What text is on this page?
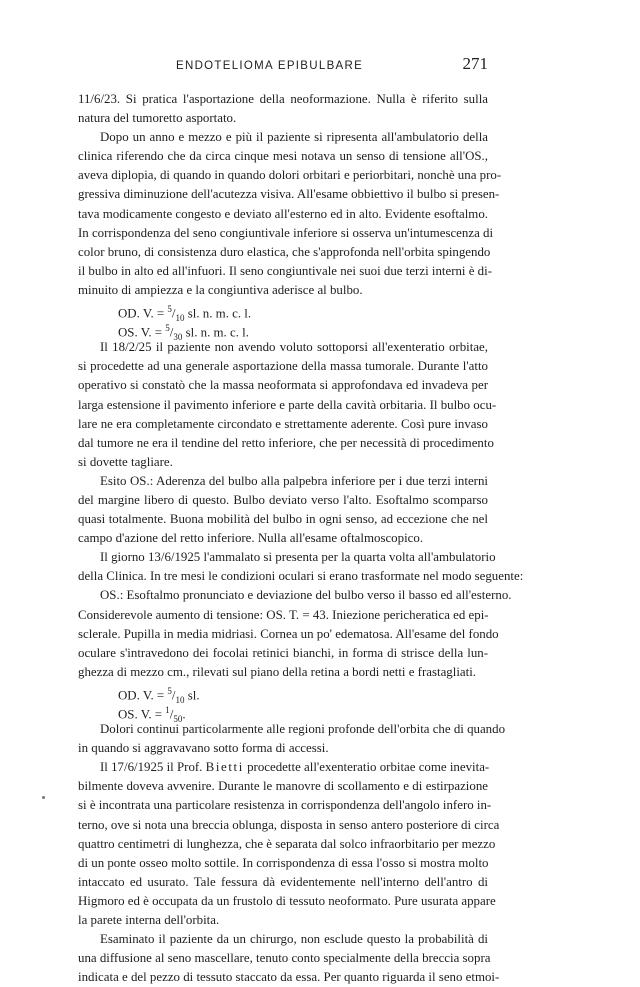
ENDOTELIOMA EPIBULBARE	271
11/6/23. Si pratica l'asportazione della neoformazione. Nulla è riferito sulla
natura del tumoretto asportato.
Dopo un anno e mezzo e più il paziente si ripresenta all'ambulatorio della
clinica riferendo che da circa cinque mesi notava un senso di tensione all'OS.,
aveva diplopia, di quando in quando dolori orbitari e periorbitari, nonchè una pro-
gressiva diminuzione dell'acutezza visiva. All'esame obbiettivo il bulbo si presen-
tava modicamente congesto e deviato all'esterno ed in alto. Evidente esoftalmo.
In corrispondenza del seno congiuntivale inferiore si osserva un'intumescenza di
color bruno, di consistenza duro elastica, che s'approfonda nell'orbita spingendo
il bulbo in alto ed all'infuori. Il seno congiuntivale nei suoi due terzi interni è di-
minuito di ampiezza e la congiuntiva aderisce al bulbo.
OD. V. = $^5/_{10}$ sl. n. m. c. l.
OS. V. = $^5/_{30}$ sl. n. m. c. l.
Il 18/2/25 il paziente non avendo voluto sottoporsi all'exenteratio orbitae,
si procedette ad una generale asportazione della massa tumorale. Durante l'atto
operativo si constatò che la massa neoformata si approfondava ed invadeva per
larga estensione il pavimento inferiore e parte della cavità orbitaria. Il bulbo ocu-
lare ne era completamente circondato e strettamente aderente. Così pure invaso
dal tumore ne era il tendine del retto inferiore, che per necessità di procedimento
si dovette tagliare.
Esito OS.: Aderenza del bulbo alla palpebra inferiore per i due terzi interni
del margine libero di questo. Bulbo deviato verso l'alto. Esoftalmo scomparso
quasi totalmente. Buona mobilità del bulbo in ogni senso, ad eccezione che nel
campo d'azione del retto inferiore. Nulla all'esame oftalmoscopico.
Il giorno 13/6/1925 l'ammalato si presenta per la quarta volta all'ambulatorio
della Clinica. In tre mesi le condizioni oculari si erano trasformate nel modo seguente:
OS.: Esoftalmo pronunciato e deviazione del bulbo verso il basso ed all'esterno.
Considerevole aumento di tensione: OS. T. = 43. Iniezione pericheratica ed epi-
sclerale. Pupilla in media midriasi. Cornea un po' edematosa. All'esame del fondo
oculare s'intravedono dei focolai retinici bianchi, in forma di strisce della lun-
ghezza di mezzo cm., rilevati sul piano della retina a bordi netti e frastagliati.
OD. V. = $^5/_{10}$ sl.
OS. V. = $^1/_{50}$.
Dolori continui particolarmente alle regioni profonde dell'orbita che di quando
in quando si aggravavano sotto forma di accessi.
Il 17/6/1925 il Prof. Bietti procedette all'exenteratio orbitae come inevita-
bilmente doveva avvenire. Durante le manovre di scollamento e di estirpazione
si è incontrata una particolare resistenza in corrispondenza dell'angolo infero in-
terno, ove si nota una breccia oblunga, disposta in senso antero posteriore di circa
quattro centimetri di lunghezza, che è separata dal solco infraorbitario per mezzo
di un ponte osseo molto sottile. In corrispondenza di essa l'osso si mostra molto
intaccato ed usurato. Tale fessura dà evidentemente nell'interno dell'antro di
Higmoro ed è occupata da un frustolo di tessuto neoformato. Pure usurata appare
la parete interna dell'orbita.
Esaminato il paziente da un chirurgo, non esclude questo la probabilità di
una diffusione al seno mascellare, tenuto conto specialmente della breccia sopra
indicata e del pezzo di tessuto staccato da essa. Per quanto riguarda il seno etmoi-
